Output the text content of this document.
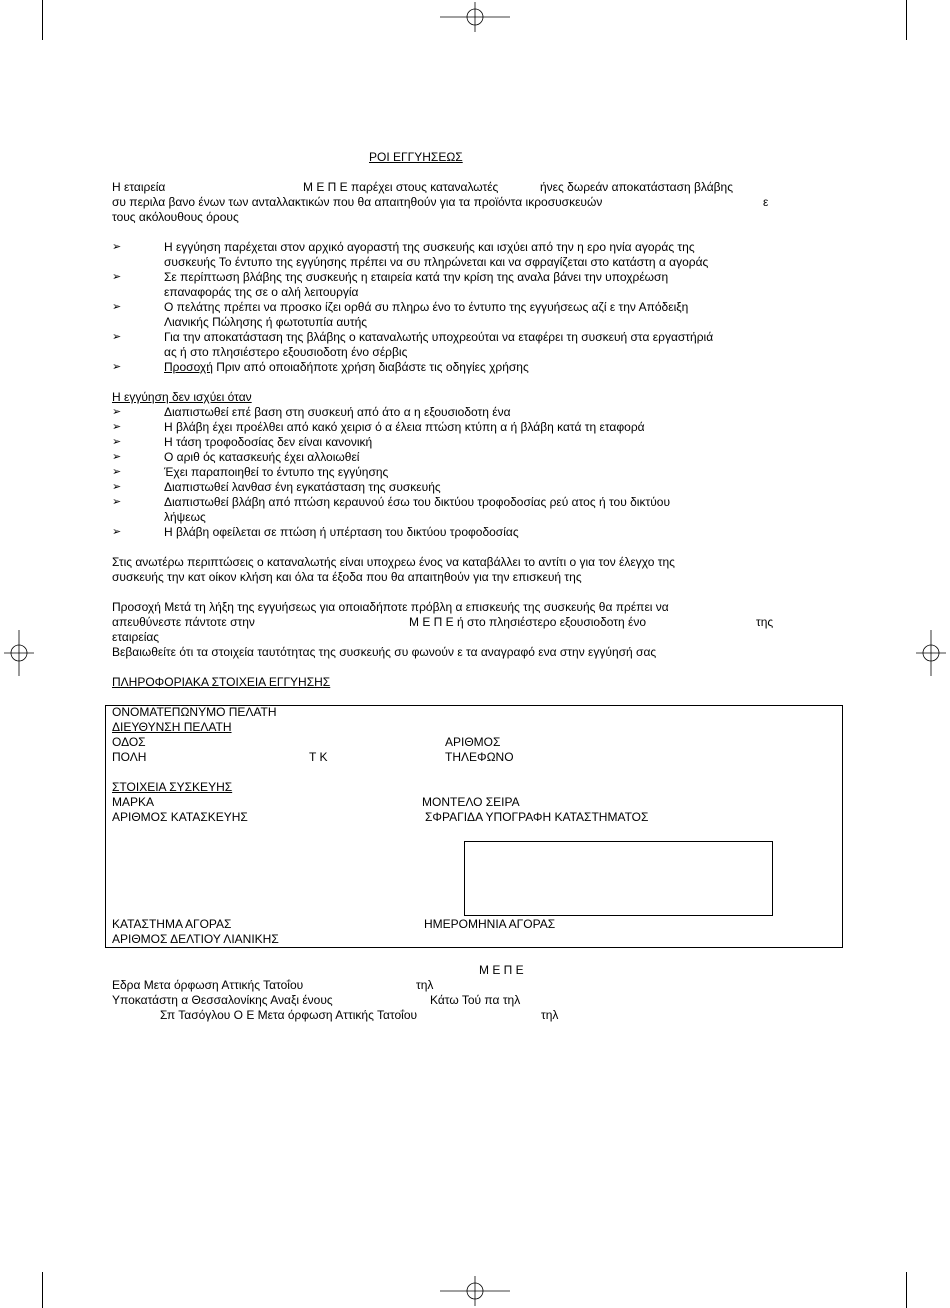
ΡΟΙ ΕΓΓΥΗΣΕΩΣ
Η εταιρεία	Μ Ε Π Ε παρέχει στους καταναλωτές	ήνες δωρεάν αποκατάσταση βλάβης
συ περιλα βανο ένων των ανταλλακτικών που θα απαιτηθούν για τα προϊόντα ικροσυσκευών	ε
τους ακόλουθους όρους
➢	Η εγγύηση παρέχεται στον αρχικό αγοραστή της συσκευής και ισχύει από την η ερο ηνία αγοράς της
συσκευής Το έντυπο της εγγύησης πρέπει να συ πληρώνεται και να σφραγίζεται στο κατάστη α αγοράς
➢	Σε περίπτωση βλάβης της συσκευής η εταιρεία κατά την κρίση της αναλα βάνει την υποχρέωση
επαναφοράς της σε ο αλή λειτουργία
➢	Ο πελάτης πρέπει να προσκο ίζει ορθά συ πληρω ένο το έντυπο της εγγυήσεως αζί ε την Απόδειξη
Λιανικής Πώλησης ή φωτοτυπία αυτής
➢	Για την αποκατάσταση της βλάβης ο καταναλωτής υποχρεούται να εταφέρει τη συσκευή στα εργαστήριά
ας ή στο πλησιέστερο εξουσιοδοτη ένο σέρβις
➢	Προσοχή Πριν από οποιαδήποτε χρήση διαβάστε τις οδηγίες χρήσης
Η εγγύηση δεν ισχύει όταν
➢	Διαπιστωθεί επέ βαση στη συσκευή από άτο α η εξουσιοδοτη ένα
➢	Η βλάβη έχει προέλθει από κακό χειρισ ό α έλεια πτώση κτύπη α ή βλάβη κατά τη εταφορά
➢	Η τάση τροφοδοσίας δεν είναι κανονική
➢	Ο αριθ ός κατασκευής έχει αλλοιωθεί
➢	Έχει παραποιηθεί το έντυπο της εγγύησης
➢	Διαπιστωθεί λανθασ ένη εγκατάσταση της συσκευής
➢	Διαπιστωθεί βλάβη από πτώση κεραυνού έσω του δικτύου τροφοδοσίας ρεύ ατος ή του δικτύου
λήψεως
➢	Η βλάβη οφείλεται σε πτώση ή υπέρταση του δικτύου τροφοδοσίας
Στις ανωτέρω περιπτώσεις ο καταναλωτής είναι υποχρεω ένος να καταβάλλει το αντίτι ο για τον έλεγχο της
συσκευής την κατ οίκον κλήση και όλα τα έξοδα που θα απαιτηθούν για την επισκευή της
Προσοχή Μετά τη λήξη της εγγυήσεως για οποιαδήποτε πρόβλη α επισκευής της συσκευής θα πρέπει να
απευθύνεστε πάντοτε στην	Μ Ε Π Ε ή στο πλησιέστερο εξουσιοδοτη ένο	της
εταιρείας
Βεβαιωθείτε ότι τα στοιχεία ταυτότητας της συσκευής συ φωνούν ε τα αναγραφό ενα στην εγγύησή σας
ΠΛΗΡΟΦΟΡΙΑΚΑ ΣΤΟΙΧΕΙΑ ΕΓΓΥΗΣΗΣ
ΟΝΟΜΑΤΕΠΩΝΥΜΟ ΠΕΛΑΤΗ
ΔΙΕΥΘΥΝΣΗ ΠΕΛΑΤΗ
ΟΔΟΣ	ΑΡΙΘΜΟΣ
ΠΟΛΗ	Τ Κ	ΤΗΛΕΦΩΝΟ
ΣΤΟΙΧΕΙΑ ΣΥΣΚΕΥΗΣ
ΜΑΡΚΑ	ΜΟΝΤΕΛΟ ΣΕΙΡΑ
ΑΡΙΘΜΟΣ ΚΑΤΑΣΚΕΥΗΣ	ΣΦΡΑΓΙΔΑ ΥΠΟΓΡΑΦΗ ΚΑΤΑΣΤΗΜΑΤΟΣ
ΚΑΤΑΣΤΗΜΑ ΑΓΟΡΑΣ	ΗΜΕΡΟΜΗΝΙΑ ΑΓΟΡΑΣ
ΑΡΙΘΜΟΣ ΔΕΛΤΙΟΥ ΛΙΑΝΙΚΗΣ
Μ Ε Π Ε
Εδρα Μετα όρφωση Αττικής Τατοΐου	τηλ
Υποκατάστη α Θεσσαλονίκης Αναξι ένους	Κάτω Τού πα τηλ
Σπ Τασόγλου Ο Ε Μετα όρφωση Αττικής Τατοΐου	τηλ
